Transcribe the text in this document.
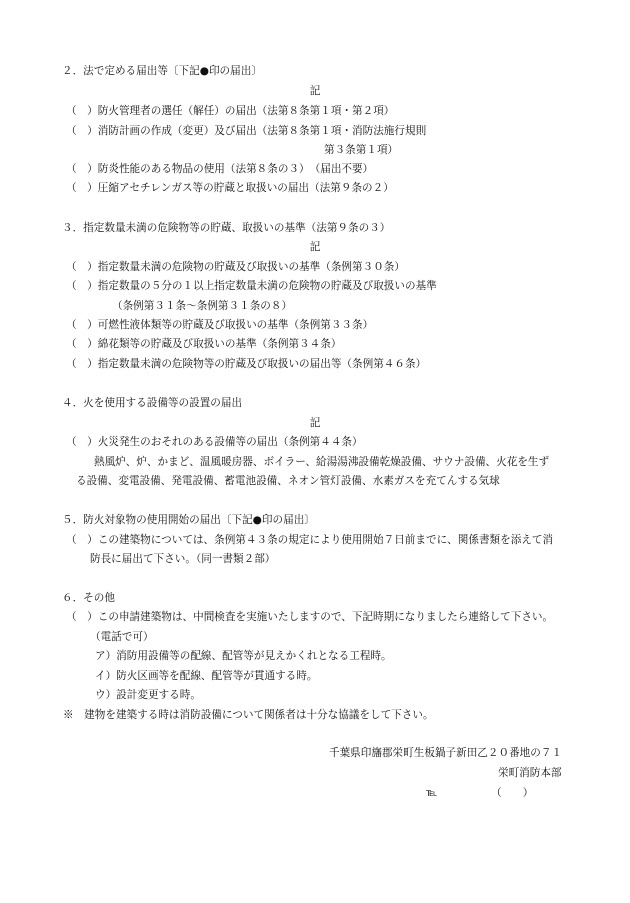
２．法で定める届出等〔下記●印の届出〕
記
（　）防火管理者の選任（解任）の届出（法第８条第１項・第２項）
（　）消防計画の作成（変更）及び届出（法第８条第１項・消防法施行規則
第３条第１項）
（　）防炎性能のある物品の使用（法第８条の３）　（届出不要）
（　）圧縮アセチレンガス等の貯蔵と取扱いの届出（法第９条の２）
３．指定数量未満の危険物等の貯蔵、取扱いの基準（法第９条の３）
記
（　）指定数量未満の危険物の貯蔵及び取扱いの基準（条例第３０条）
（　）指定数量の５分の１以上指定数量未満の危険物の貯蔵及び取扱いの基準
（条例第３１条～条例第３１条の８）
（　）可燃性液体類等の貯蔵及び取扱いの基準（条例第３３条）
（　）綿花類等の貯蔵及び取扱いの基準（条例第３４条）
（　）指定数量未満の危険物等の貯蔵及び取扱いの届出等（条例第４６条）
４．火を使用する設備等の設置の届出
記
（　）火災発生のおそれのある設備等の届出（条例第４４条）
熱風炉、炉、かまど、温風暖房器、ボイラー、給湯湯沸設備乾燥設備、サウナ設備、火花を生ず
る設備、変電設備、発電設備、蓄電池設備、ネオン管灯設備、水素ガスを充てんする気球
５．防火対象物の使用開始の届出〔下記●印の届出〕
（　）この建築物については、条例第４３条の規定により使用開始７日前までに、関係書類を添えて消
防長に届出て下さい。（同一書類２部）
６．その他
（　）この申請建築物は、中間検査を実施いたしますので、下記時期になりましたら連絡して下さい。
（電話で可）
ア）消防用設備等の配線、配管等が見えかくれとなる工程時。
イ）防火区画等を配線、配管等が貫通する時。
ウ）設計変更する時。
※　建物を建築する時は消防設備について関係者は十分な協議をして下さい。
千葉県印旛郡栄町生板鍋子新田乙２０番地の７１
栄町消防本部
℡	（　　）
